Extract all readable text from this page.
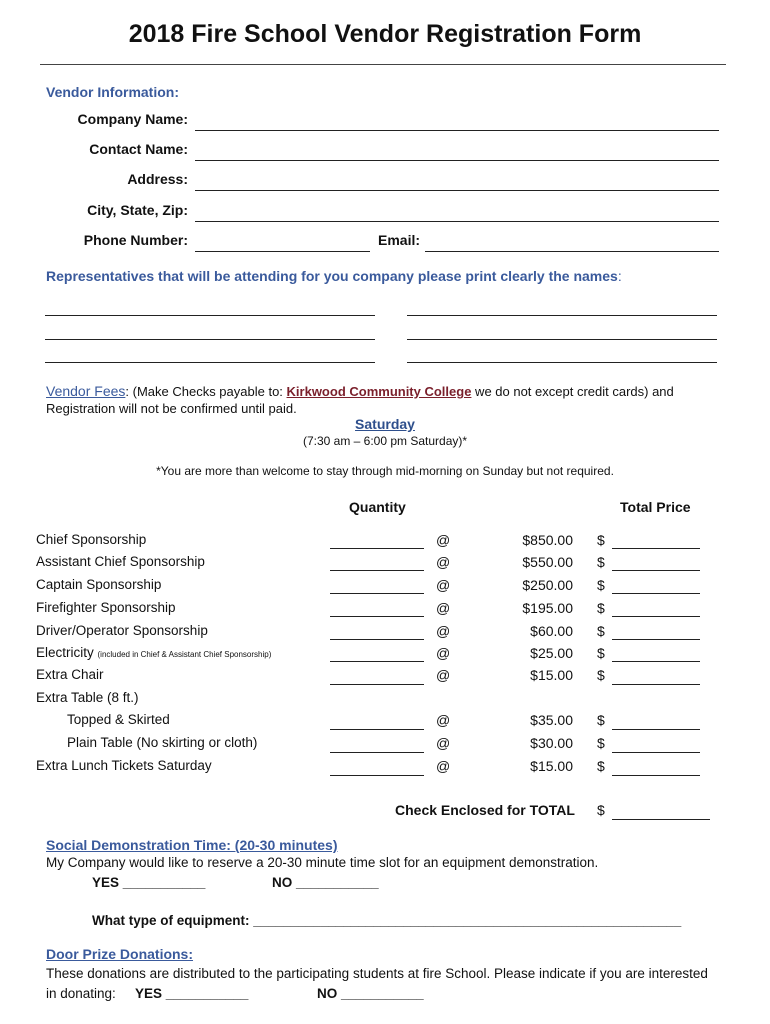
2018 Fire School Vendor Registration Form
Vendor Information:
Company Name:
Contact Name:
Address:
City, State, Zip:
Phone Number:	Email:
Representatives that will be attending for you company please print clearly the names:
Vendor Fees: (Make Checks payable to: Kirkwood Community College we do not except credit cards) and
Registration will not be confirmed until paid.
Saturday
(7:30 am – 6:00 pm Saturday)*
*You are more than welcome to stay through mid-morning on Sunday but not required.
Quantity	Total Price
Chief Sponsorship	@	$850.00 $
Assistant Chief Sponsorship	@	$550.00 $
Captain Sponsorship	@	$250.00 $
Firefighter Sponsorship	@	$195.00 $
Driver/Operator Sponsorship	@	$60.00 $
Electricity (included in Chief & Assistant Chief Sponsorship)	@	$25.00 $
Extra Chair	@	$15.00 $
Extra Table (8 ft.)
Topped & Skirted	@	$35.00 $
Plain Table (No skirting or cloth)	@	$30.00 $
Extra Lunch Tickets Saturday	@	$15.00 $
Check Enclosed for TOTAL $
Social Demonstration Time: (20-30 minutes)
My Company would like to reserve a 20-30 minute time slot for an equipment demonstration.
YES ___________	NO ___________
What type of equipment: _________________________________________________________
Door Prize Donations:
These donations are distributed to the participating students at fire School. Please indicate if you are interested
in donating: YES ___________	NO ___________
